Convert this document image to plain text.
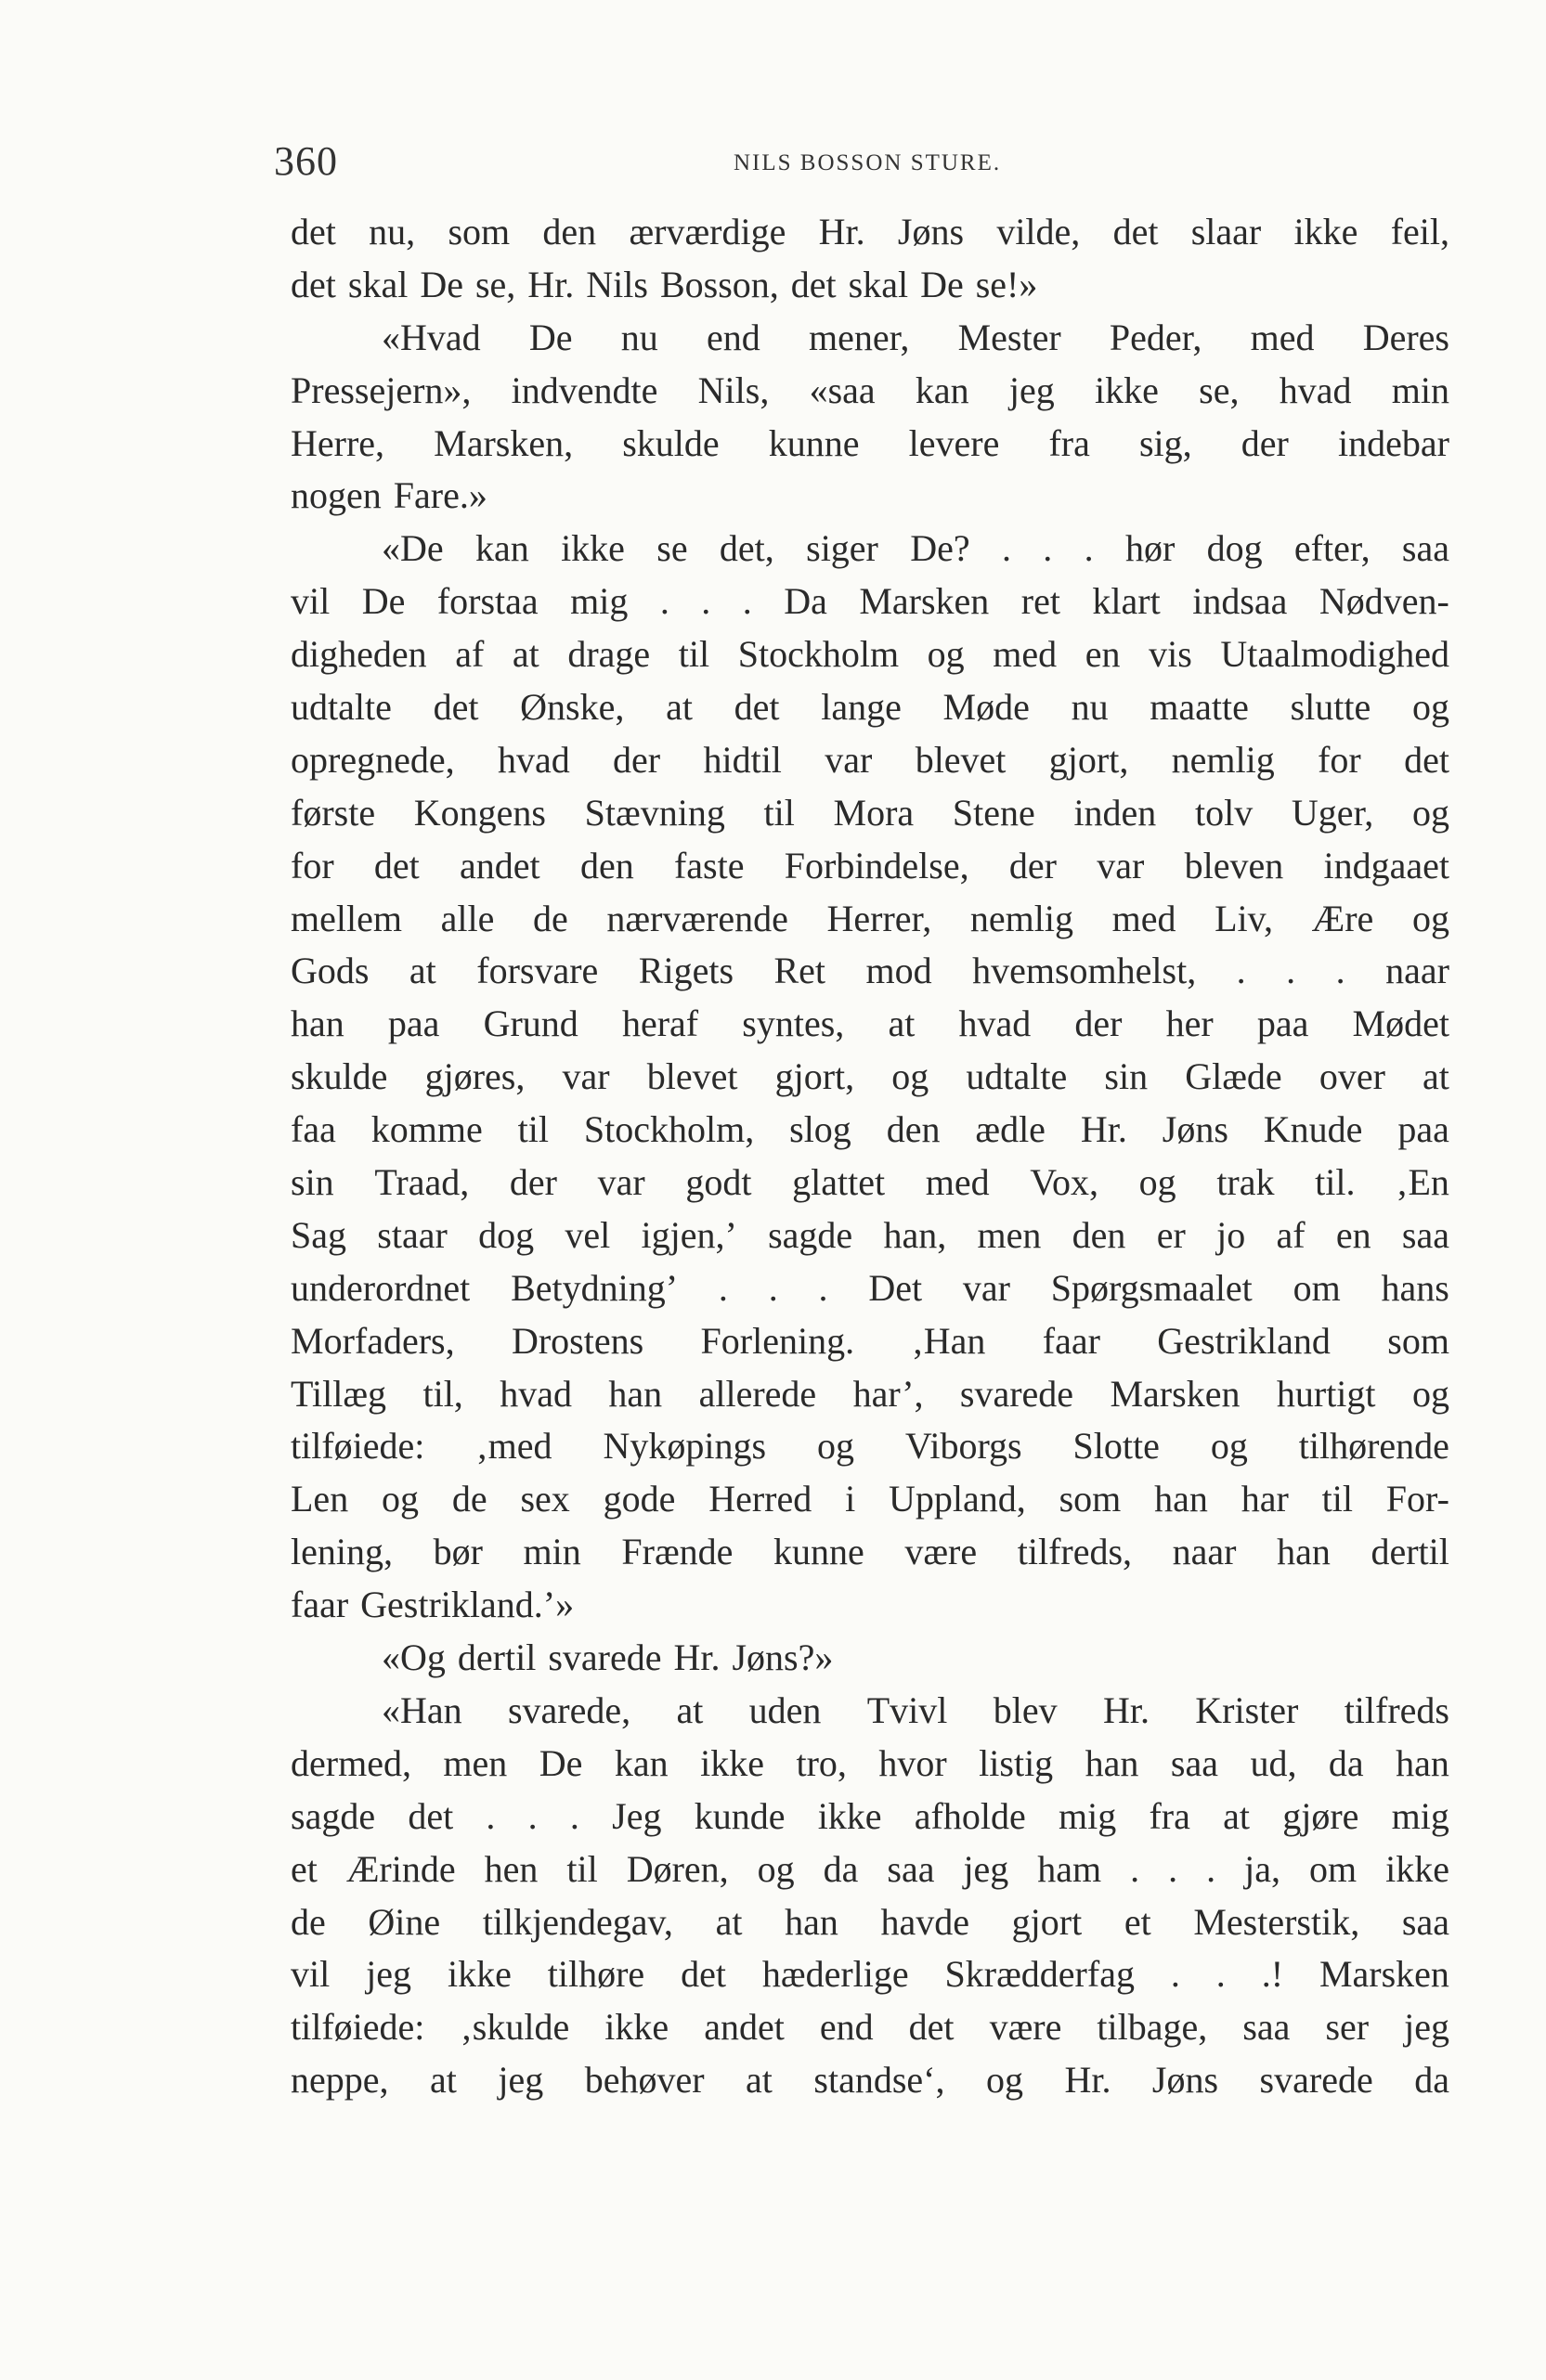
360	NILS BOSSON STURE.
det nu, som den ærværdige Hr. Jøns vilde, det slaar ikke feil,
det skal De se, Hr. Nils Bosson, det skal De se!»
«Hvad De nu end mener, Mester Peder, med Deres
Pressejern», indvendte Nils, «saa kan jeg ikke se, hvad min
Herre, Marsken, skulde kunne levere fra sig, der indebar
nogen Fare.»
«De kan ikke se det, siger De? . . . hør dog efter, saa
vil De forstaa mig . . . Da Marsken ret klart indsaa Nødven-
digheden af at drage til Stockholm og med en vis Utaalmodighed
udtalte det Ønske, at det lange Møde nu maatte slutte og
opregnede, hvad der hidtil var blevet gjort, nemlig for det
første Kongens Stævning til Mora Stene inden tolv Uger, og
for det andet den faste Forbindelse, der var bleven indgaaet
mellem alle de nærværende Herrer, nemlig med Liv, Ære og
Gods at forsvare Rigets Ret mod hvemsomhelst, . . . naar
han paa Grund heraf syntes, at hvad der her paa Mødet
skulde gjøres, var blevet gjort, og udtalte sin Glæde over at
faa komme til Stockholm, slog den ædle Hr. Jøns Knude paa
sin Traad, der var godt glattet med Vox, og trak til. ‚En
Sag staar dog vel igjen,’ sagde han, men den er jo af en saa
underordnet Betydning’ . . . Det var Spørgsmaalet om hans
Morfaders, Drostens Forlening. ‚Han faar Gestrikland som
Tillæg til, hvad han allerede har’, svarede Marsken hurtigt og
tilføiede: ‚med Nykøpings og Viborgs Slotte og tilhørende
Len og de sex gode Herred i Uppland, som han har til For-
lening, bør min Frænde kunne være tilfreds, naar han dertil
faar Gestrikland.’»
«Og dertil svarede Hr. Jøns?»
«Han svarede, at uden Tvivl blev Hr. Krister tilfreds
dermed, men De kan ikke tro, hvor listig han saa ud, da han
sagde det . . . Jeg kunde ikke afholde mig fra at gjøre mig
et Ærinde hen til Døren, og da saa jeg ham . . . ja, om ikke
de Øine tilkjendegav, at han havde gjort et Mesterstik, saa
vil jeg ikke tilhøre det hæderlige Skrædderfag . . .! Marsken
tilføiede: ‚skulde ikke andet end det være tilbage, saa ser jeg
neppe, at jeg behøver at standse‘, og Hr. Jøns svarede da
